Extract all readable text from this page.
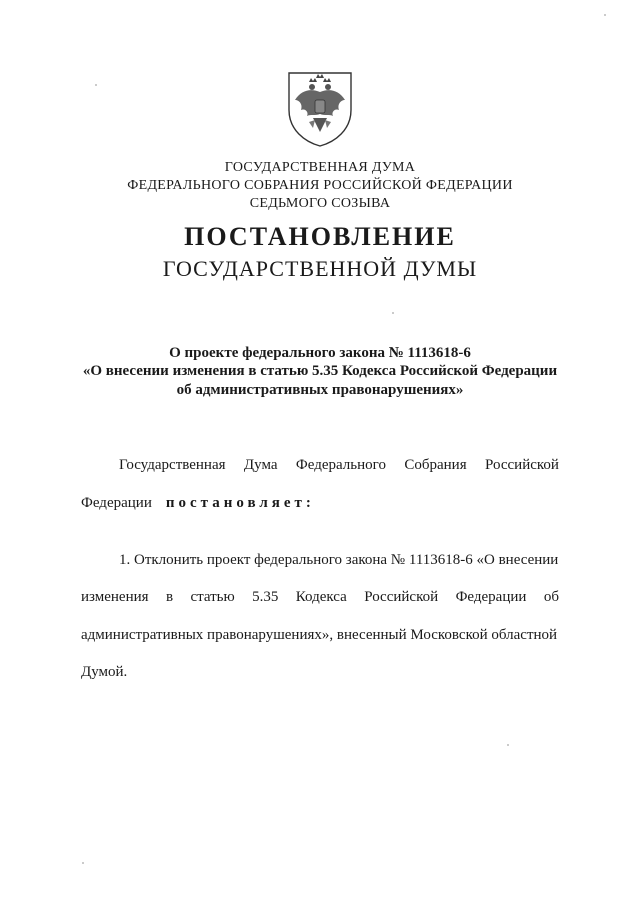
ГОСУДАРСТВЕННАЯ ДУМА
ФЕДЕРАЛЬНОГО СОБРАНИЯ РОССИЙСКОЙ ФЕДЕРАЦИИ
СЕДЬМОГО СОЗЫВА
ПОСТАНОВЛЕНИЕ
ГОСУДАРСТВЕННОЙ ДУМЫ
О проекте федерального закона № 1113618-6
«О внесении изменения в статью 5.35 Кодекса Российской Федерации
об административных правонарушениях»
Государственная Дума Федерального Собрания Российской
Федерации постановляет:
1. Отклонить проект федерального закона № 1113618-6 «О внесении
изменения в статью 5.35 Кодекса Российской Федерации об
административных правонарушениях», внесенный Московской областной
Думой.
